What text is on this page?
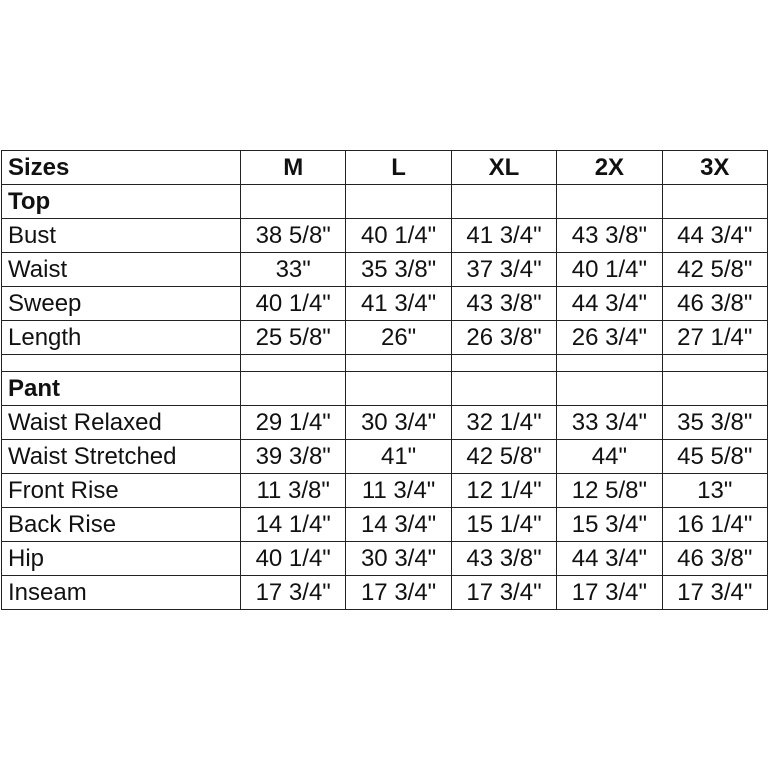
Sizes	M	L	XL	2X	3X
Top					
Bust	38 5/8"	40 1/4"	41 3/4"	43 3/8"	44 3/4"
Waist	33"	35 3/8"	37 3/4"	40 1/4"	42 5/8"
Sweep	40 1/4"	41 3/4"	43 3/8"	44 3/4"	46 3/8"
Length	25 5/8"	26"	26 3/8"	26 3/4"	27 1/4"

Pant					
Waist Relaxed	29 1/4"	30 3/4"	32 1/4"	33 3/4"	35 3/8"
Waist Stretched	39 3/8"	41"	42 5/8"	44"	45 5/8"
Front Rise	11 3/8"	11 3/4"	12 1/4"	12 5/8"	13"
Back Rise	14 1/4"	14 3/4"	15 1/4"	15 3/4"	16 1/4"
Hip	40 1/4"	30 3/4"	43 3/8"	44 3/4"	46 3/8"
Inseam	17 3/4"	17 3/4"	17 3/4"	17 3/4"	17 3/4"
